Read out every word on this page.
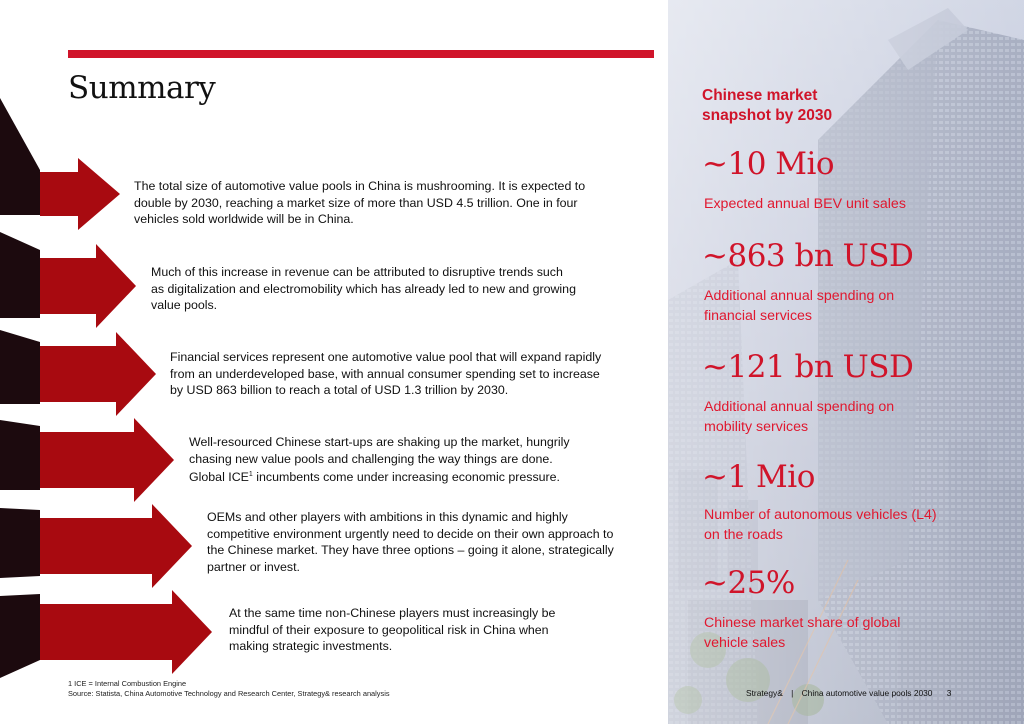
Summary

The total size of automotive value pools in China is mushrooming. It is expected to double by 2030, reaching a market size of more than USD 4.5 trillion. One in four vehicles sold worldwide will be in China.

Much of this increase in revenue can be attributed to disruptive trends such as digitalization and electromobility which has already led to new and growing value pools.

Financial services represent one automotive value pool that will expand rapidly from an underdeveloped base, with annual consumer spending set to increase by USD 863 billion to reach a total of USD 1.3 trillion by 2030.

Well-resourced Chinese start-ups are shaking up the market, hungrily chasing new value pools and challenging the way things are done.
Global ICE$^1$ incumbents come under increasing economic pressure.

OEMs and other players with ambitions in this dynamic and highly competitive environment urgently need to decide on their own approach to the Chinese market. They have three options – going it alone, strategically partner or invest.

At the same time non-Chinese players must increasingly be mindful of their exposure to geopolitical risk in China when making strategic investments.

1 ICE = Internal Combustion Engine
Source: Statista, China Automotive Technology and Research Center, Strategy& research analysis
Chinese market snapshot by 2030
~10 Mio
Expected annual BEV unit sales
~863 bn USD
Additional annual spending on financial services
~121 bn USD
Additional annual spending on mobility services
~1 Mio
Number of autonomous vehicles (L4) on the roads
~25%
Chinese market share of global vehicle sales
Strategy& | China automotive value pools 2030 3
